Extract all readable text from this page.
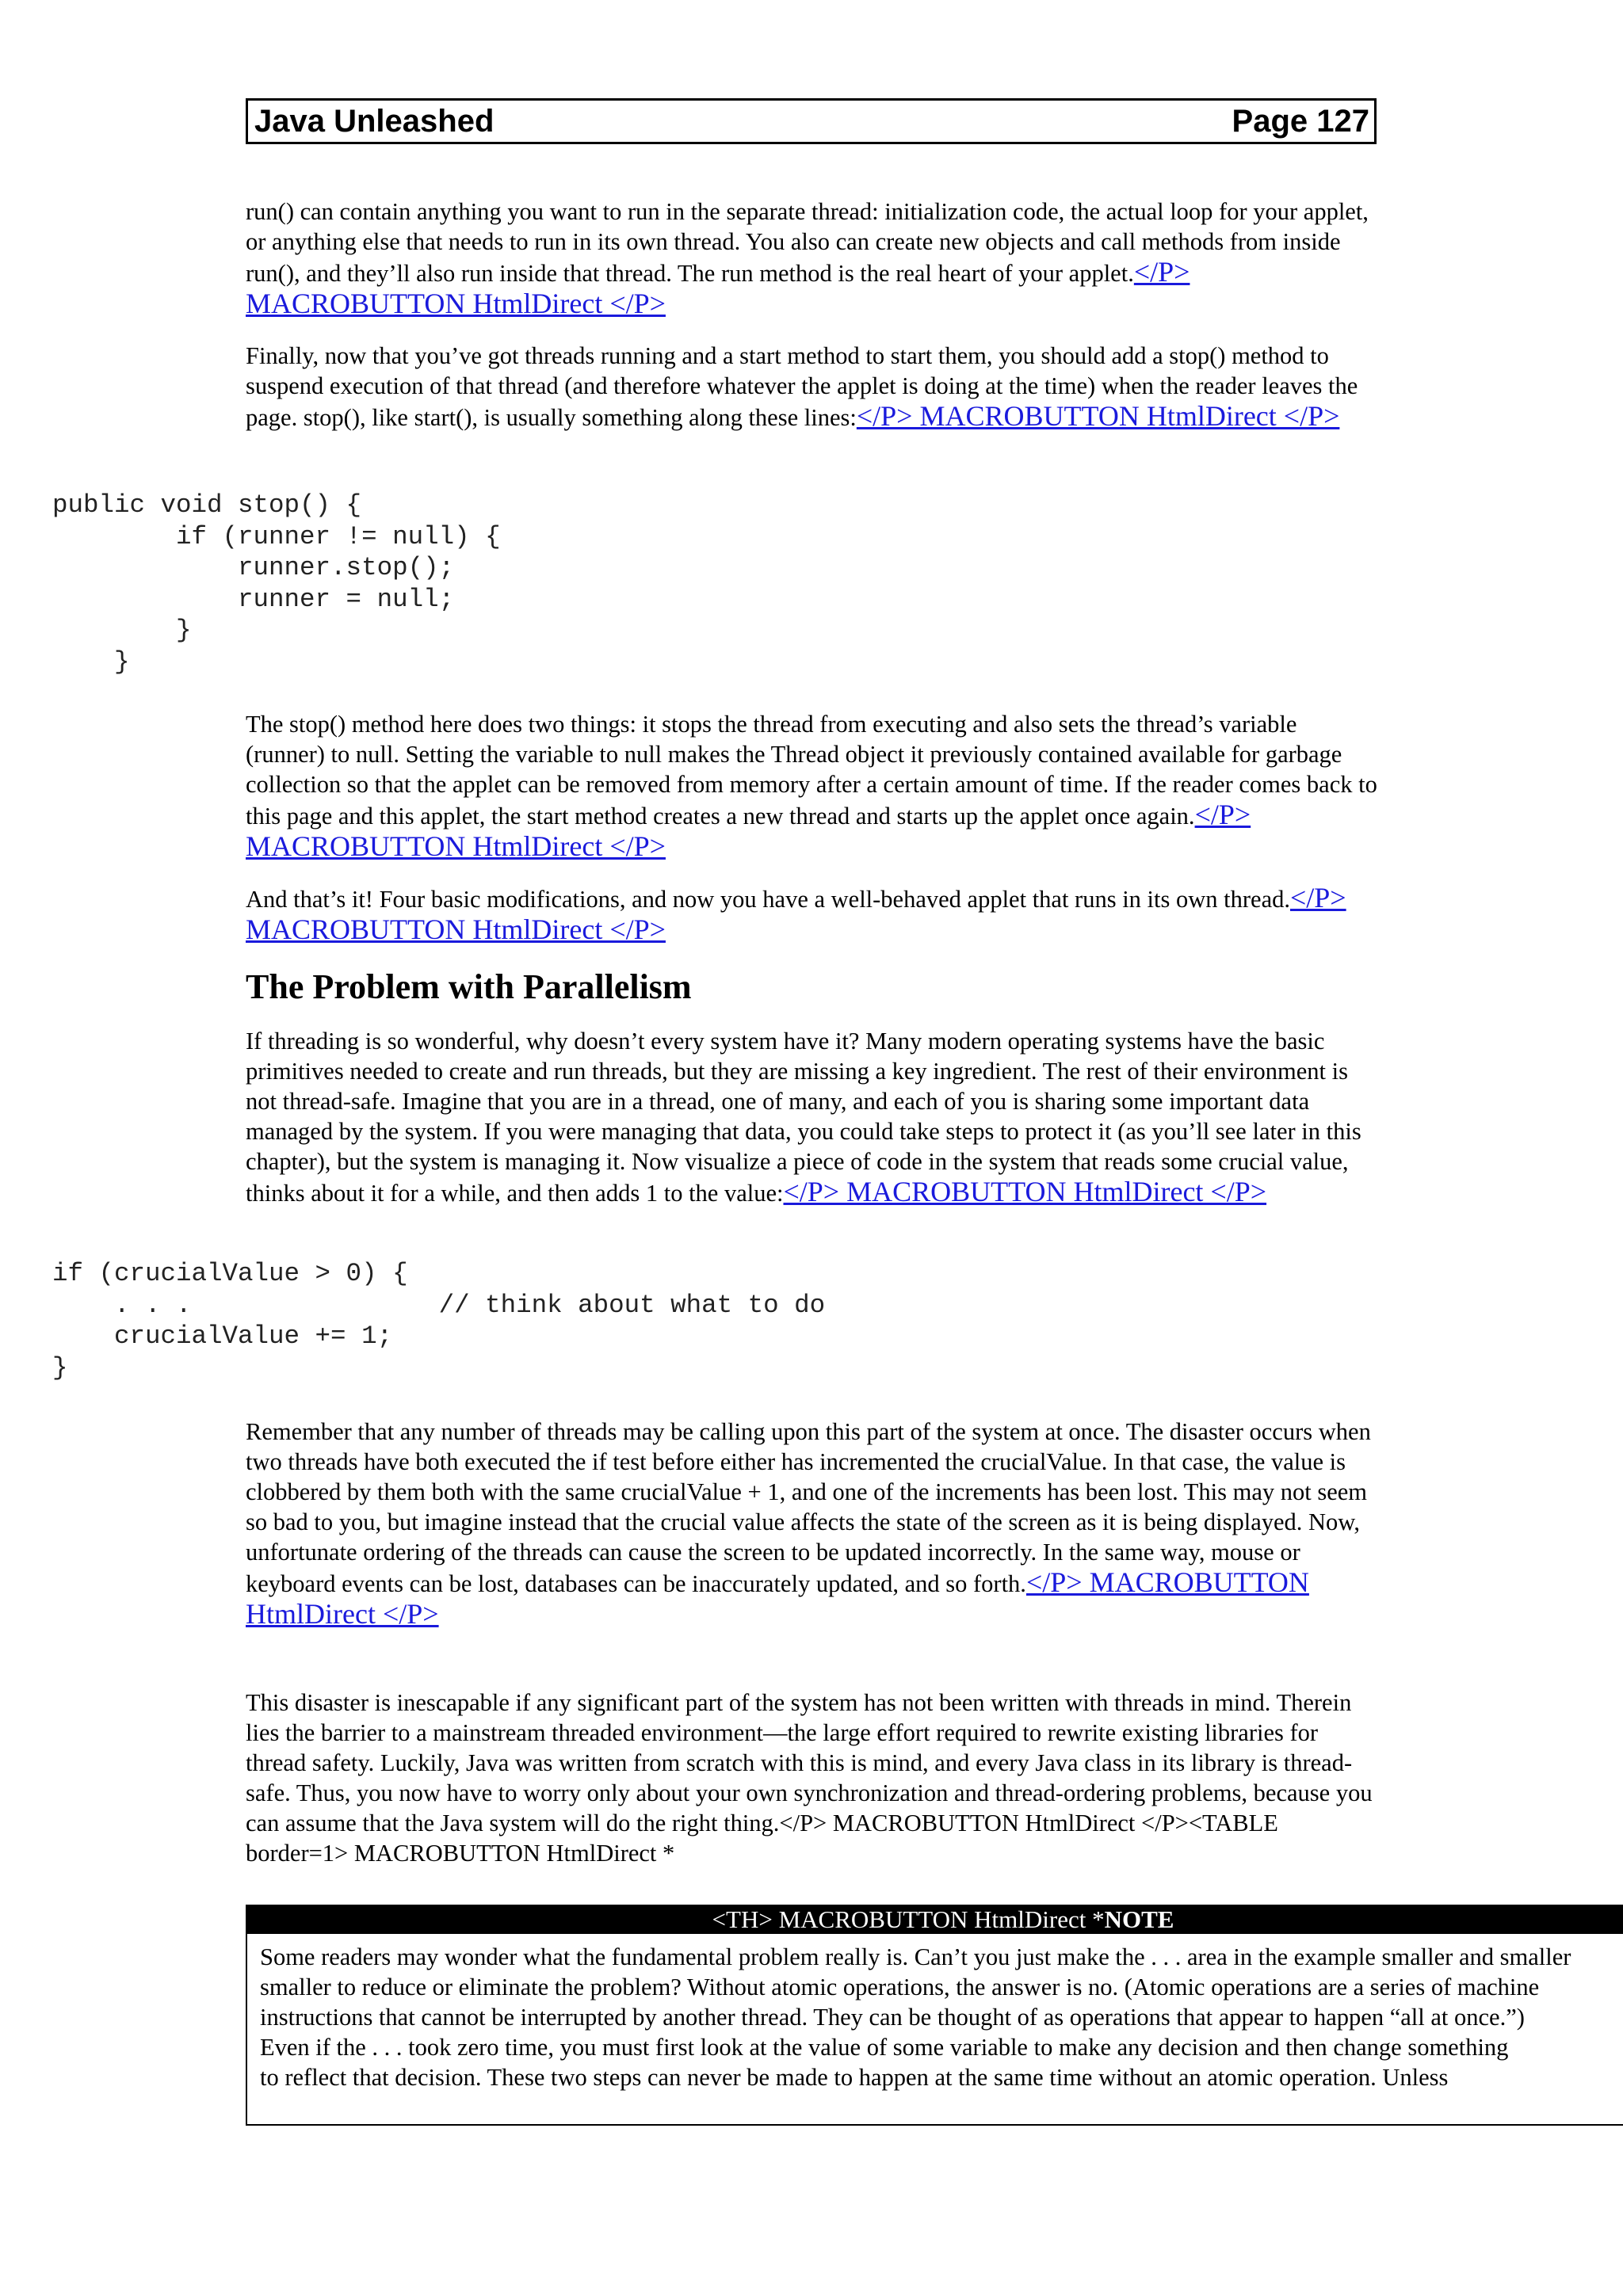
Java Unleashed	Page 127

run() can contain anything you want to run in the separate thread: initialization code, the actual loop for your applet, or anything else that needs to run in its own thread. You also can create new objects and call methods from inside run(), and they’ll also run inside that thread. The run method is the real heart of your applet.</P> MACROBUTTON HtmlDirect </P>

Finally, now that you’ve got threads running and a start method to start them, you should add a stop() method to suspend execution of that thread (and therefore whatever the applet is doing at the time) when the reader leaves the page. stop(), like start(), is usually something along these lines:</P> MACROBUTTON HtmlDirect </P>

public void stop() {
if (runner != null) {
runner.stop();
runner = null;
}
}

The stop() method here does two things: it stops the thread from executing and also sets the thread’s variable (runner) to null. Setting the variable to null makes the Thread object it previously contained available for garbage collection so that the applet can be removed from memory after a certain amount of time. If the reader comes back to this page and this applet, the start method creates a new thread and starts up the applet once again.</P> MACROBUTTON HtmlDirect </P>

And that’s it! Four basic modifications, and now you have a well-behaved applet that runs in its own thread.</P> MACROBUTTON HtmlDirect </P>

The Problem with Parallelism

If threading is so wonderful, why doesn’t every system have it? Many modern operating systems have the basic primitives needed to create and run threads, but they are missing a key ingredient. The rest of their environment is not thread-safe. Imagine that you are in a thread, one of many, and each of you is sharing some important data managed by the system. If you were managing that data, you could take steps to protect it (as you’ll see later in this chapter), but the system is managing it. Now visualize a piece of code in the system that reads some crucial value, thinks about it for a while, and then adds 1 to the value:</P> MACROBUTTON HtmlDirect </P>

if (crucialValue > 0) {
. . .                // think about what to do
crucialValue += 1;
}

Remember that any number of threads may be calling upon this part of the system at once. The disaster occurs when two threads have both executed the if test before either has incremented the crucialValue. In that case, the value is clobbered by them both with the same crucialValue + 1, and one of the increments has been lost. This may not seem so bad to you, but imagine instead that the crucial value affects the state of the screen as it is being displayed. Now, unfortunate ordering of the threads can cause the screen to be updated incorrectly. In the same way, mouse or keyboard events can be lost, databases can be inaccurately updated, and so forth.</P> MACROBUTTON HtmlDirect </P>

This disaster is inescapable if any significant part of the system has not been written with threads in mind. Therein lies the barrier to a mainstream threaded environment—the large effort required to rewrite existing libraries for thread safety. Luckily, Java was written from scratch with this is mind, and every Java class in its library is thread-safe. Thus, you now have to worry only about your own synchronization and thread-ordering problems, because you can assume that the Java system will do the right thing.</P> MACROBUTTON HtmlDirect </P><TABLE border=1> MACROBUTTON HtmlDirect *

<TH> MACROBUTTON HtmlDirect *NOTE
Some readers may wonder what the fundamental problem really is. Can’t you just make the . . . area in the example smaller and smaller
smaller to reduce or eliminate the problem? Without atomic operations, the answer is no. (Atomic operations are a series of machine
instructions that cannot be interrupted by another thread. They can be thought of as operations that appear to happen “all at once.”)
Even if the . . . took zero time, you must first look at the value of some variable to make any decision and then change something
to reflect that decision. These two steps can never be made to happen at the same time without an atomic operation. Unless
